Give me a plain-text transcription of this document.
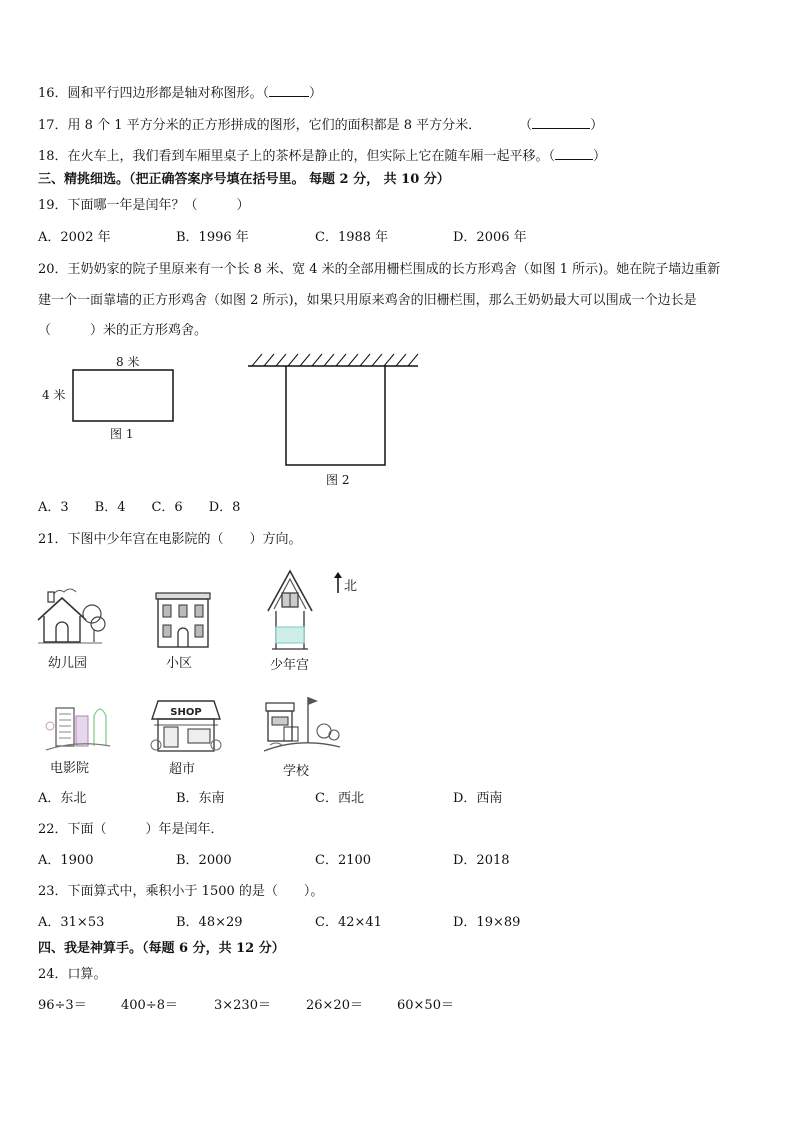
16．圆和平行四边形都是轴对称图形。（	）
17．用 8 个 1 平方分米的正方形拼成的图形，它们的面积都是 8 平方分米．	（	）
18．在火车上，我们看到车厢里桌子上的茶杯是静止的，但实际上它在随车厢一起平移。（	）
三、精挑细选。（把正确答案序号填在括号里。 每题 2 分， 共 10 分）
19．下面哪一年是闰年？（　　　）
A．2002 年	B．1996 年	C．1988 年	D．2006 年
20．王奶奶家的院子里原来有一个长 8 米、宽 4 米的全部用栅栏围成的长方形鸡舍（如图 1 所示)。她在院子墙边重新
建一个一面靠墙的正方形鸡舍（如图 2 所示)，如果只用原来鸡舍的旧栅栏围，那么王奶奶最大可以围成一个边长是
（　　　）米的正方形鸡舍。
8 米
4 米
图 1
图 2
A．3　　B．4　　C．6　　D．8
21．下图中少年宫在电影院的（　　）方向。
北
幼儿园	小区	少年宫
电影院
SHOP
超市	学校
A．东北	B．东南	C．西北	D．西南
22．下面（　　　）年是闰年．
A．1900	B．2000	C．2100	D．2018
23．下面算式中，乘积小于 1500 的是（　　）。
A．31×53	B．48×29	C．42×41	D．19×89
四、我是神算手。（每题 6 分，共 12 分）
24．口算。
96÷3＝	400÷8＝	3×230＝	26×20＝	60×50＝
